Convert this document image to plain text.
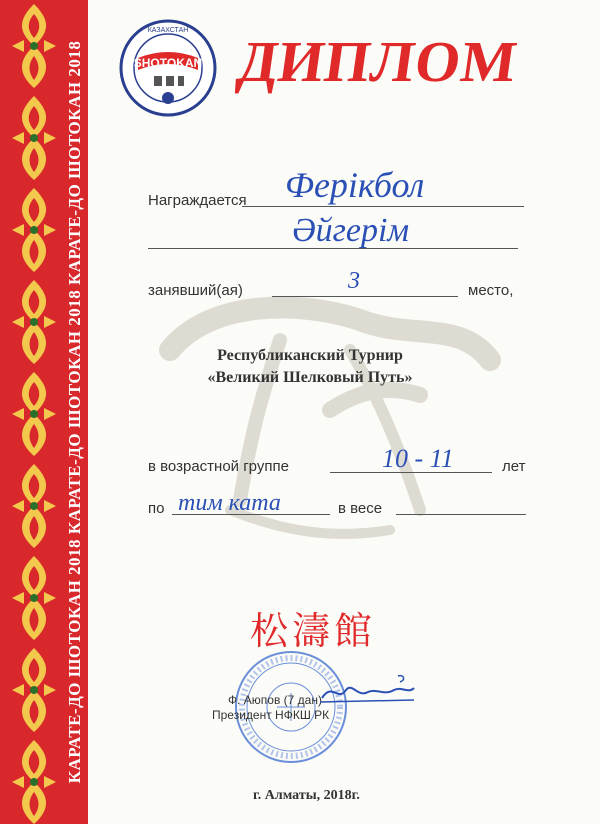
КАРАТЕ-ДО ШОТОКАН 2018 КАРАТЕ-ДО ШОТОКАН 2018 КАРАТЕ-ДО ШОТОКАН 2018	SHOTOKAN
КАЗАХСТАН ДИПЛОМ
Награждается Ферікбол
Әйгерім
занявший(ая)	3	место,
Республиканский Турнир
«Великий Шелковый Путь»
в возрастной группе	10 - 11	лет
по тим ката	в весе
松濤館
Ф. Аюпов (7 дан)
Президент НФКШ РК
г. Алматы, 2018г.
